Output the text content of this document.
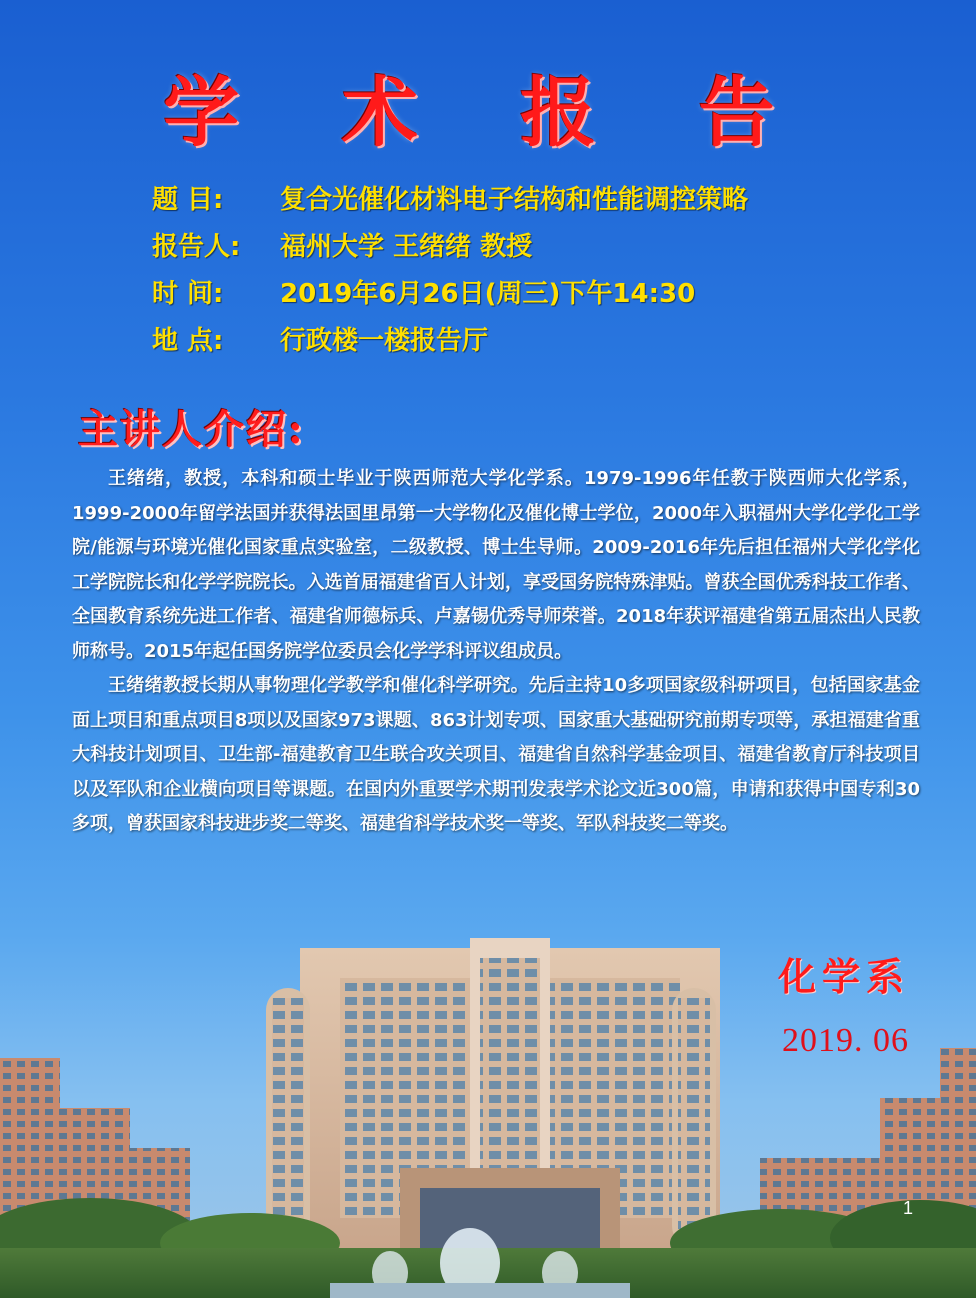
学 术 报 告
题 目:	复合光催化材料电子结构和性能调控策略
报告人:	福州大学 王绪绪 教授
时 间:	2019年6月26日(周三)下午14:30
地 点:	行政楼一楼报告厅
主讲人介绍:

王绪绪，教授，本科和硕士毕业于陕西师范大学化学系。1979-1996年任教于陕西师大化学系，1999-2000年留学法国并获得法国里昂第一大学物化及催化博士学位，2000年入职福州大学化学化工学院/能源与环境光催化国家重点实验室，二级教授、博士生导师。2009-2016年先后担任福州大学化学化工学院院长和化学学院院长。入选首届福建省百人计划，享受国务院特殊津贴。曾获全国优秀科技工作者、全国教育系统先进工作者、福建省师德标兵、卢嘉锡优秀导师荣誉。2018年获评福建省第五届杰出人民教师称号。2015年起任国务院学位委员会化学学科评议组成员。

王绪绪教授长期从事物理化学教学和催化科学研究。先后主持10多项国家级科研项目，包括国家基金面上项目和重点项目8项以及国家973课题、863计划专项、国家重大基础研究前期专项等，承担福建省重大科技计划项目、卫生部-福建教育卫生联合攻关项目、福建省自然科学基金项目、福建省教育厅科技项目以及军队和企业横向项目等课题。在国内外重要学术期刊发表学术论文近300篇，申请和获得中国专利30多项，曾获国家科技进步奖二等奖、福建省科学技术奖一等奖、军队科技奖二等奖。

化学系
2019. 06
1
